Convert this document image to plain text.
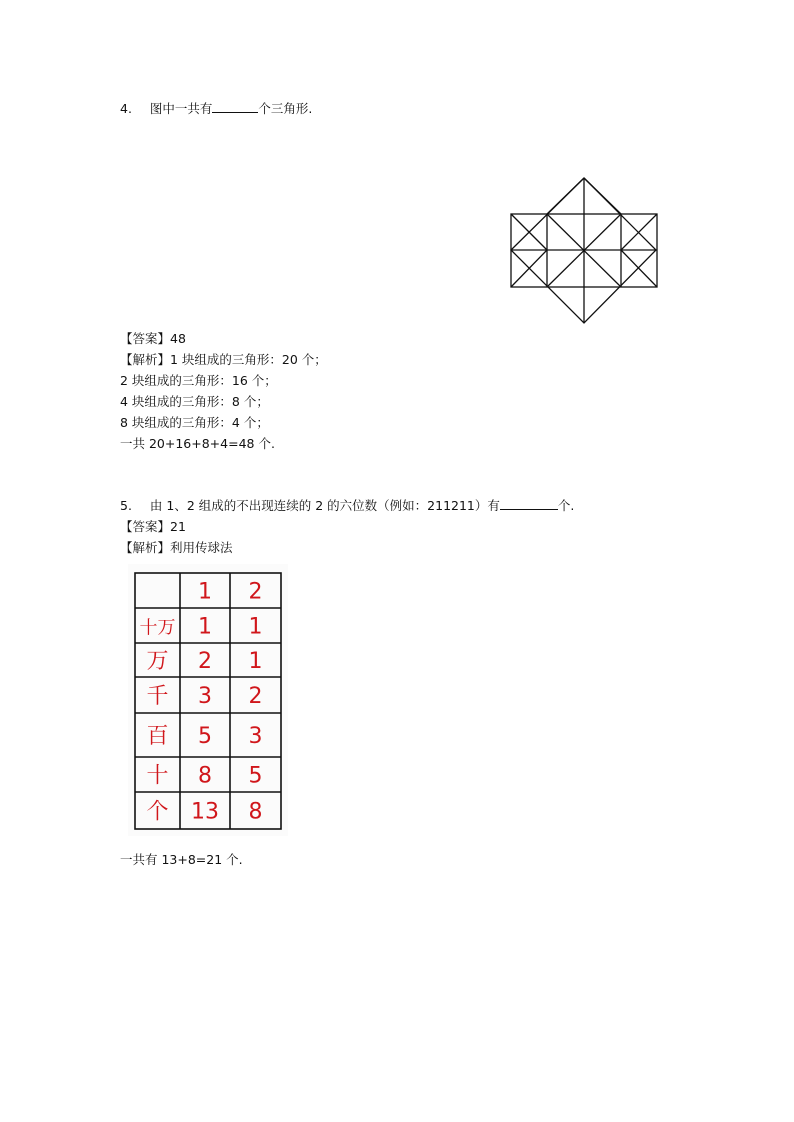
4. 图中一共有	个三角形.
【答案】48
【解析】1 块组成的三角形：20 个；
2 块组成的三角形：16 个；
4 块组成的三角形：8 个；
8 块组成的三角形：4 个；
一共 20+16+8+4=48 个.
5. 由 1、2 组成的不出现连续的 2 的六位数（例如：211211）有	个.
【答案】21
【解析】利用传球法
1 2
十万 1 1
万 2 1
千 3 2
百 5 3
十 8 5
个 13 8
一共有 13+8=21 个.
